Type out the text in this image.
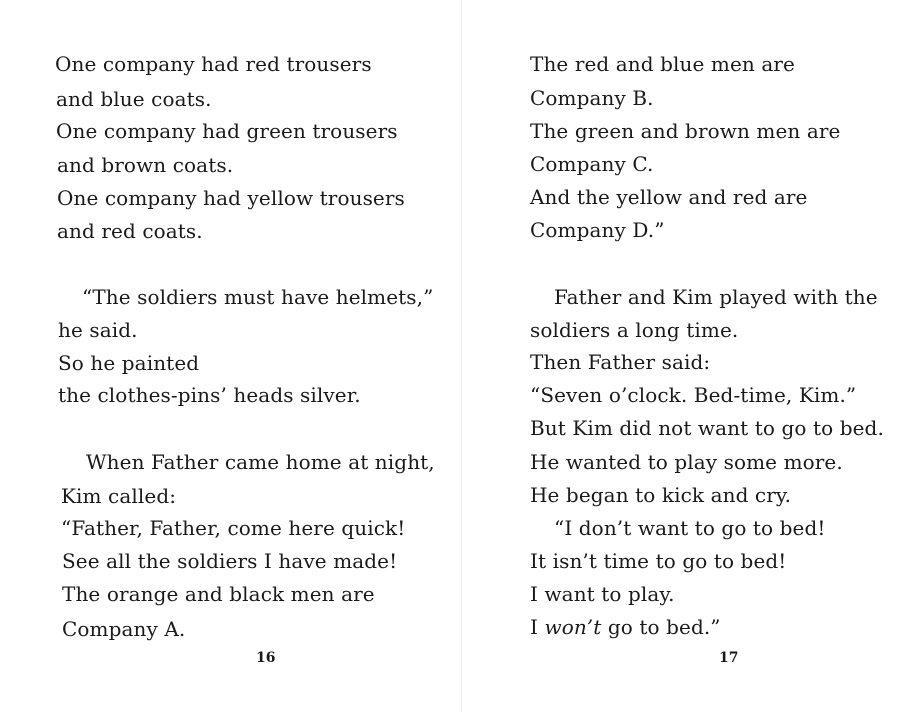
One company had red trousers
and blue coats.
One company had green trousers
and brown coats.
One company had yellow trousers
and red coats.
“The soldiers must have helmets,”
he said.
So he painted
the clothes-pins’ heads silver.
When Father came home at night,
Kim called:
“Father, Father, come here quick!
See all the soldiers I have made!
The orange and black men are
Company A.
16
The red and blue men are
Company B.
The green and brown men are
Company C.
And the yellow and red are
Company D.”
Father and Kim played with the
soldiers a long time.
Then Father said:
“Seven o’clock. Bed-time, Kim.”
But Kim did not want to go to bed.
He wanted to play some more.
He began to kick and cry.
“I don’t want to go to bed!
It isn’t time to go to bed!
I want to play.
I won’t go to bed.”
17
